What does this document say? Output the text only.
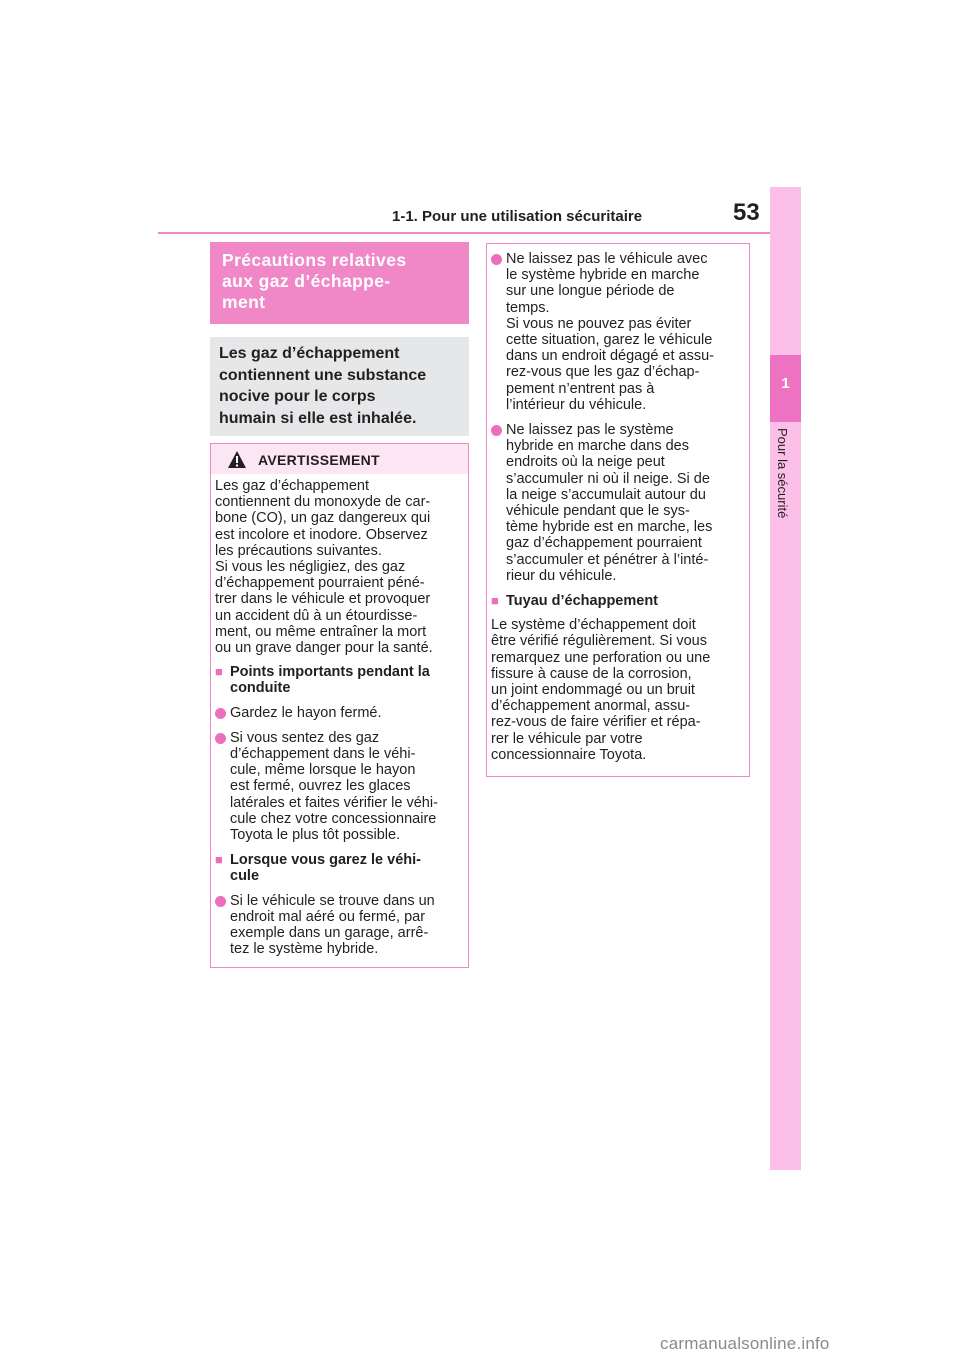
1-1. Pour une utilisation sécuritaire	53
1
Pour la sécurité
Précautions relatives
aux gaz d’échappe-
ment
Les gaz d’échappement
contiennent une substance
nocive pour le corps
humain si elle est inhalée.
AVERTISSEMENT
Les gaz d’échappement
contiennent du monoxyde de car-
bone (CO), un gaz dangereux qui
est incolore et inodore. Observez
les précautions suivantes.
Si vous les négligiez, des gaz
d’échappement pourraient péné-
trer dans le véhicule et provoquer
un accident dû à un étourdisse-
ment, ou même entraîner la mort
ou un grave danger pour la santé.
■ Points importants pendant la
conduite
Gardez le hayon fermé.
Si vous sentez des gaz
d’échappement dans le véhi-
cule, même lorsque le hayon
est fermé, ouvrez les glaces
latérales et faites vérifier le véhi-
cule chez votre concessionnaire
Toyota le plus tôt possible.
■ Lorsque vous garez le véhi-
cule
Si le véhicule se trouve dans un
endroit mal aéré ou fermé, par
exemple dans un garage, arrê-
tez le système hybride.
Ne laissez pas le véhicule avec
le système hybride en marche
sur une longue période de
temps.
Si vous ne pouvez pas éviter
cette situation, garez le véhicule
dans un endroit dégagé et assu-
rez-vous que les gaz d’échap-
pement n’entrent pas à
l’intérieur du véhicule.
Ne laissez pas le système
hybride en marche dans des
endroits où la neige peut
s’accumuler ni où il neige. Si de
la neige s’accumulait autour du
véhicule pendant que le sys-
tème hybride est en marche, les
gaz d’échappement pourraient
s’accumuler et pénétrer à l’inté-
rieur du véhicule.
■ Tuyau d’échappement
Le système d’échappement doit
être vérifié régulièrement. Si vous
remarquez une perforation ou une
fissure à cause de la corrosion,
un joint endommagé ou un bruit
d’échappement anormal, assu-
rez-vous de faire vérifier et répa-
rer le véhicule par votre
concessionnaire Toyota.
carmanualsonline.info
